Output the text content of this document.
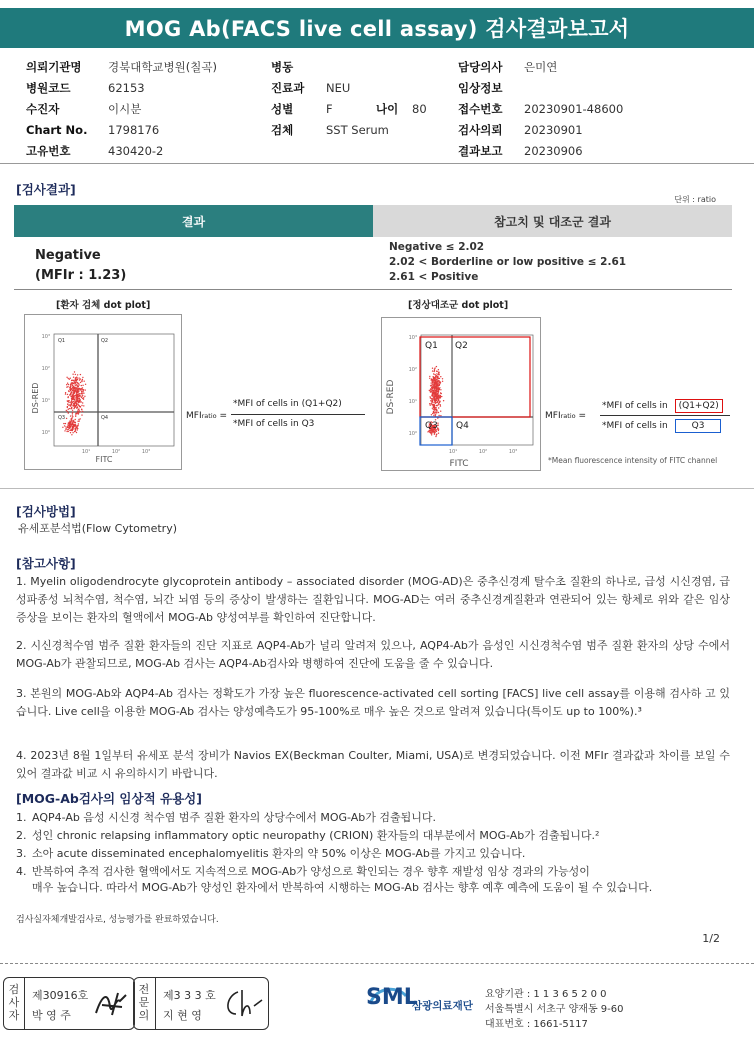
MOG Ab(FACS live cell assay) 검사결과보고서
의뢰기관명	경북대학교병원(칠곡)
병원코드	62153
수진자	이시분
Chart No.	1798176
고유번호	430420-2
병동
진료과	NEU
성별	F	나이	80
검체	SST Serum
담당의사	은미연
임상정보
접수번호	20230901-48600
검사의뢰	20230901
결과보고	20230906
[검사결과]
단위 : ratio
결과	참고치 및 대조군 결과
Negative
(MFIr : 1.23)
Negative ≤ 2.02
2.02 < Borderline or low positive ≤ 2.61
2.61 < Positive
[환자 검체 dot plot]	[정상대조군 dot plot]
DS-RED
FITC
10³
10²
10¹
10⁰
10¹	10²	10³
Q1	Q2
Q3	Q4
DS-RED
FITC
10³
10²
10¹
10⁰
10¹	10²	10³
Q1 Q2
Q3 Q4
MFIratio =
*MFI of cells in (Q1+Q2)
*MFI of cells in Q3
MFIratio =
*MFI of cells in (Q1+Q2)
*MFI of cells in	Q3
*Mean fluorescence intensity of FITC channel
[검사방법]
유세포분석법(Flow Cytometry)
[참고사항]
1. Myelin oligodendrocyte glycoprotein antibody – associated disorder (MOG-AD)은 중추신경계 탈수초 질환의 하나로, 급성 시신경염, 급성파종성 뇌척수염, 척수염, 뇌간 뇌염 등의 증상이 발생하는 질환입니다. MOG-AD는 여러 중추신경계질환과 연관되어 있는 항체로 위와 같은 임상 증상을 보이는 환자의 혈액에서 MOG-Ab 양성여부를 확인하여 진단합니다.
2. 시신경척수염 범주 질환 환자들의 진단 지표로 AQP4-Ab가 널리 알려져 있으나, AQP4-Ab가 음성인 시신경척수염 범주 질환 환자의 상당 수에서 MOG-Ab가 관찰되므로, MOG-Ab 검사는 AQP4-Ab검사와 병행하여 진단에 도움을 줄 수 있습니다.
3. 본원의 MOG-Ab와 AQP4-Ab 검사는 정확도가 가장 높은 fluorescence-activated cell sorting [FACS] live cell assay를 이용해 검사하 고 있습니다. Live cell을 이용한 MOG-Ab 검사는 양성예측도가 95-100%로 매우 높은 것으로 알려져 있습니다(특이도 up to 100%).³
4. 2023년 8월 1일부터 유세포 분석 장비가 Navios EX(Beckman Coulter, Miami, USA)로 변경되었습니다. 이전 MFIr 결과값과 차이를 보일 수 있어 결과값 비교 시 유의하시기 바랍니다.
[MOG-Ab검사의 임상적 유용성]
1. AQP4-Ab 음성 시신경 척수염 범주 질환 환자의 상당수에서 MOG-Ab가 검출됩니다.
2. 성인 chronic relapsing inflammatory optic neuropathy (CRION) 환자들의 대부분에서 MOG-Ab가 검출됩니다.²
3. 소아 acute disseminated encephalomyelitis 환자의 약 50% 이상은 MOG-Ab를 가지고 있습니다.
4. 반복하여 추적 검사한 혈액에서도 지속적으로 MOG-Ab가 양성으로 확인되는 경우 향후 재발성 임상 경과의 가능성이
매우 높습니다. 따라서 MOG-Ab가 양성인 환자에서 반복하여 시행하는 MOG-Ab 검사는 향후 예후 예측에 도움이 될 수 있습니다.
검사실자체개발검사로, 성능평가를 완료하였습니다.
1/2
검
사
자
제30916호
박 영 주
전
문
의
제3 3 3 호
지 현 영
SML
삼광의료재단
요양기관 : 1 1 3 6 5 2 0 0
서울특별시 서초구 양재동 9-60
대표번호 : 1661-5117
